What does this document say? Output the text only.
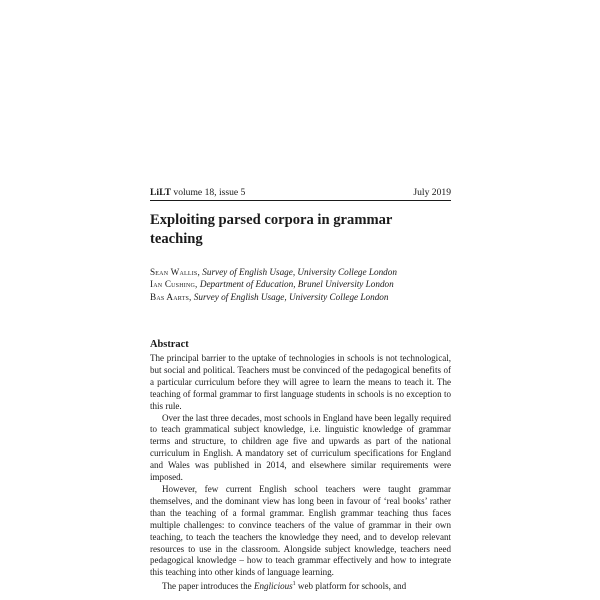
LiLT volume 18, issue 5	July 2019
Exploiting parsed corpora in grammar
teaching
Sean Wallis, Survey of English Usage, University College London
Ian Cushing, Department of Education, Brunel University London
Bas Aarts, Survey of English Usage, University College London
Abstract

The principal barrier to the uptake of technologies in schools is not technological, but social and political. Teachers must be convinced of the pedagogical benefits of a particular curriculum before they will agree to learn the means to teach it. The teaching of formal grammar to first language students in schools is no exception to this rule.

Over the last three decades, most schools in England have been legally required to teach grammatical subject knowledge, i.e. linguistic knowledge of grammar terms and structure, to children age five and upwards as part of the national curriculum in English. A mandatory set of curriculum specifications for England and Wales was published in 2014, and elsewhere similar requirements were imposed.

However, few current English school teachers were taught grammar themselves, and the dominant view has long been in favour of ‘real books’ rather than the teaching of a formal grammar. English grammar teaching thus faces multiple challenges: to convince teachers of the value of grammar in their own teaching, to teach the teachers the knowledge they need, and to develop relevant resources to use in the classroom. Alongside subject knowledge, teachers need pedagogical knowledge – how to teach grammar effectively and how to integrate this teaching into other kinds of language learning.

The paper introduces the Englicious$^1$ web platform for schools, and
